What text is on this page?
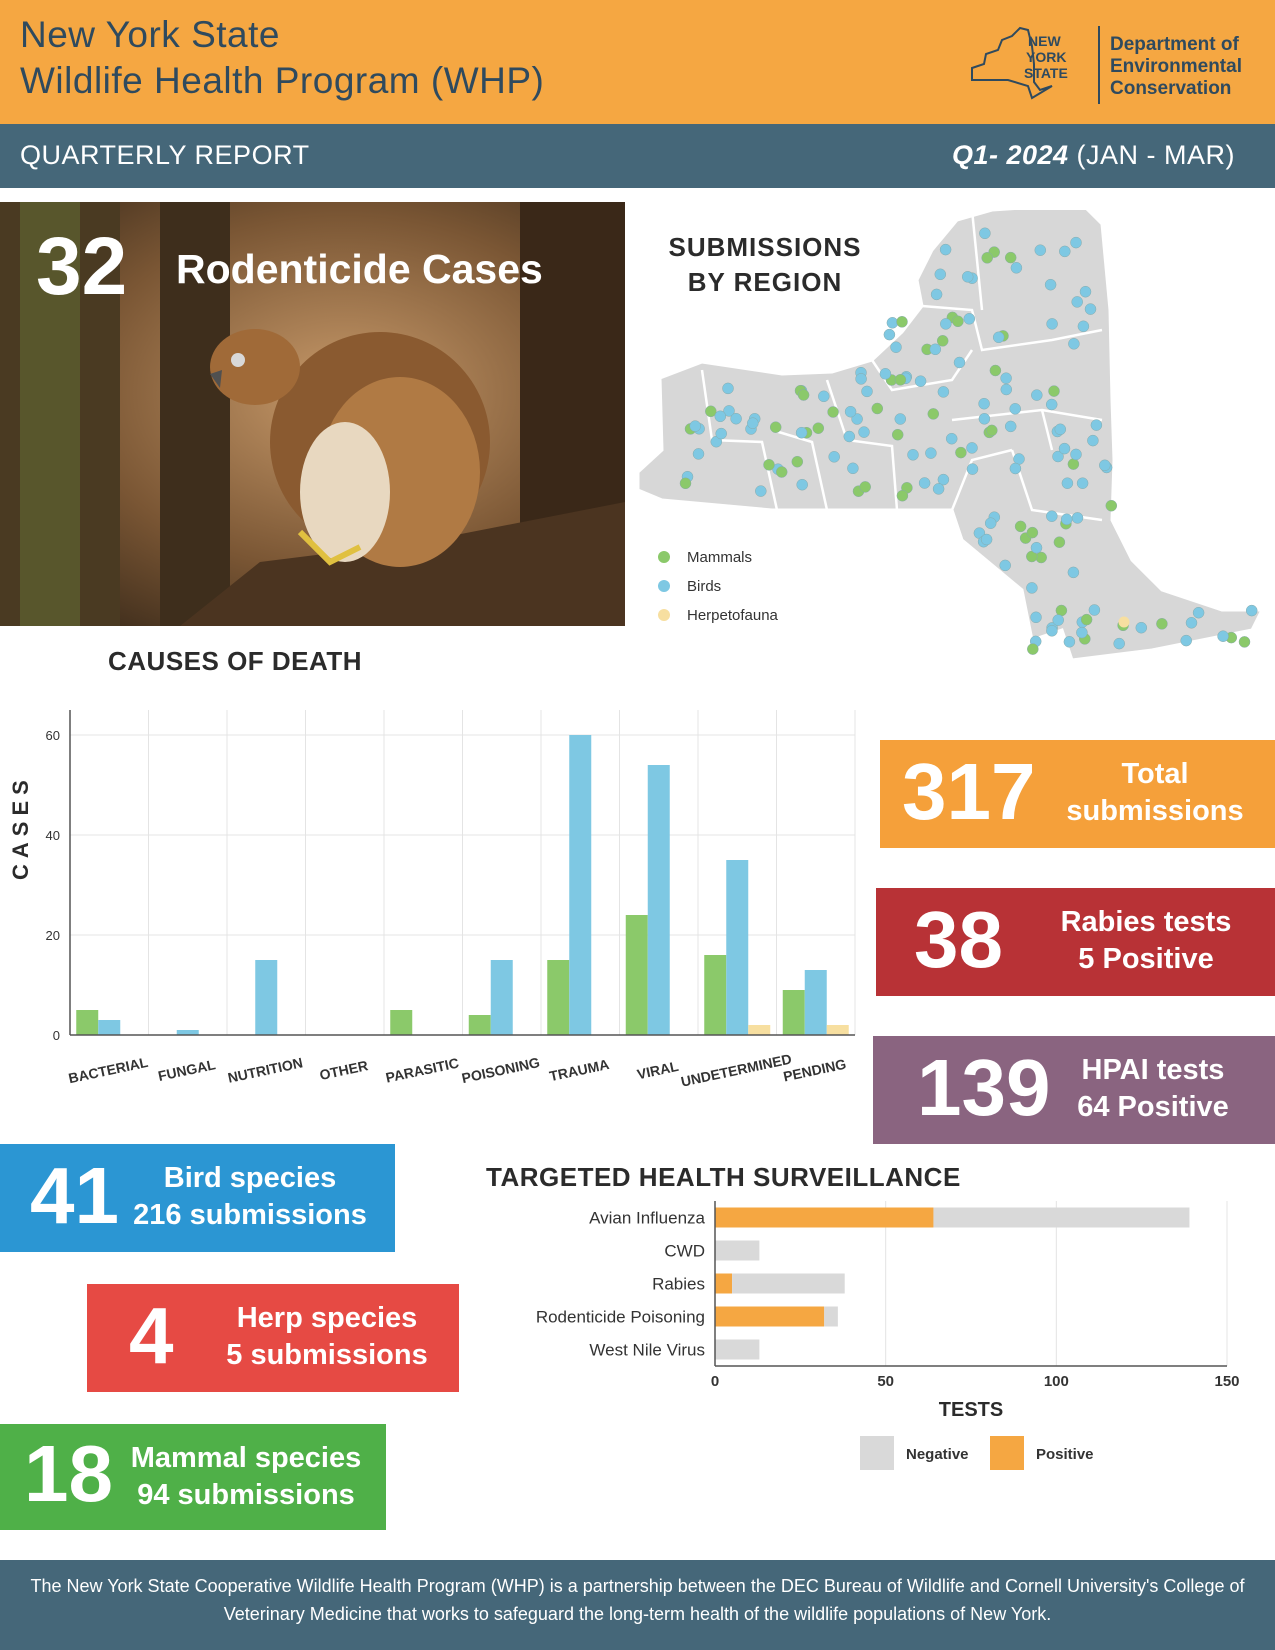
New York State
Wildlife Health Program (WHP)
NEW
YORK
STATE
Department of
Environmental
Conservation
QUARTERLY REPORT	Q1- 2024 (JAN - MAR)
32 Rodenticide Cases
Mammals
Birds
Herpetofauna
SUBMISSIONS
BY REGION
CAUSES OF DEATH
CASES
0
20
40
60
BACTERIAL FUNGAL NUTRITION OTHER PARASITIC POISONING TRAUMA VIRAL UNDETERMINED
PENDING
317	Total
submissions
38	Rabies tests
5 Positive
139	HPAI tests
64 Positive
41	Bird species
216 submissions
4	Herp species
5 submissions
18 Mammal species
94 submissions
TARGETED HEALTH SURVEILLANCE
0	50	100	150
Avian Influenza
CWD
Rabies
Rodenticide Poisoning
West Nile Virus
TESTS
Negative	Positive
The New York State Cooperative Wildlife Health Program (WHP) is a partnership between the DEC Bureau of Wildlife and Cornell University's College of Veterinary Medicine that works to safeguard the long-term health of the wildlife populations of New York.
